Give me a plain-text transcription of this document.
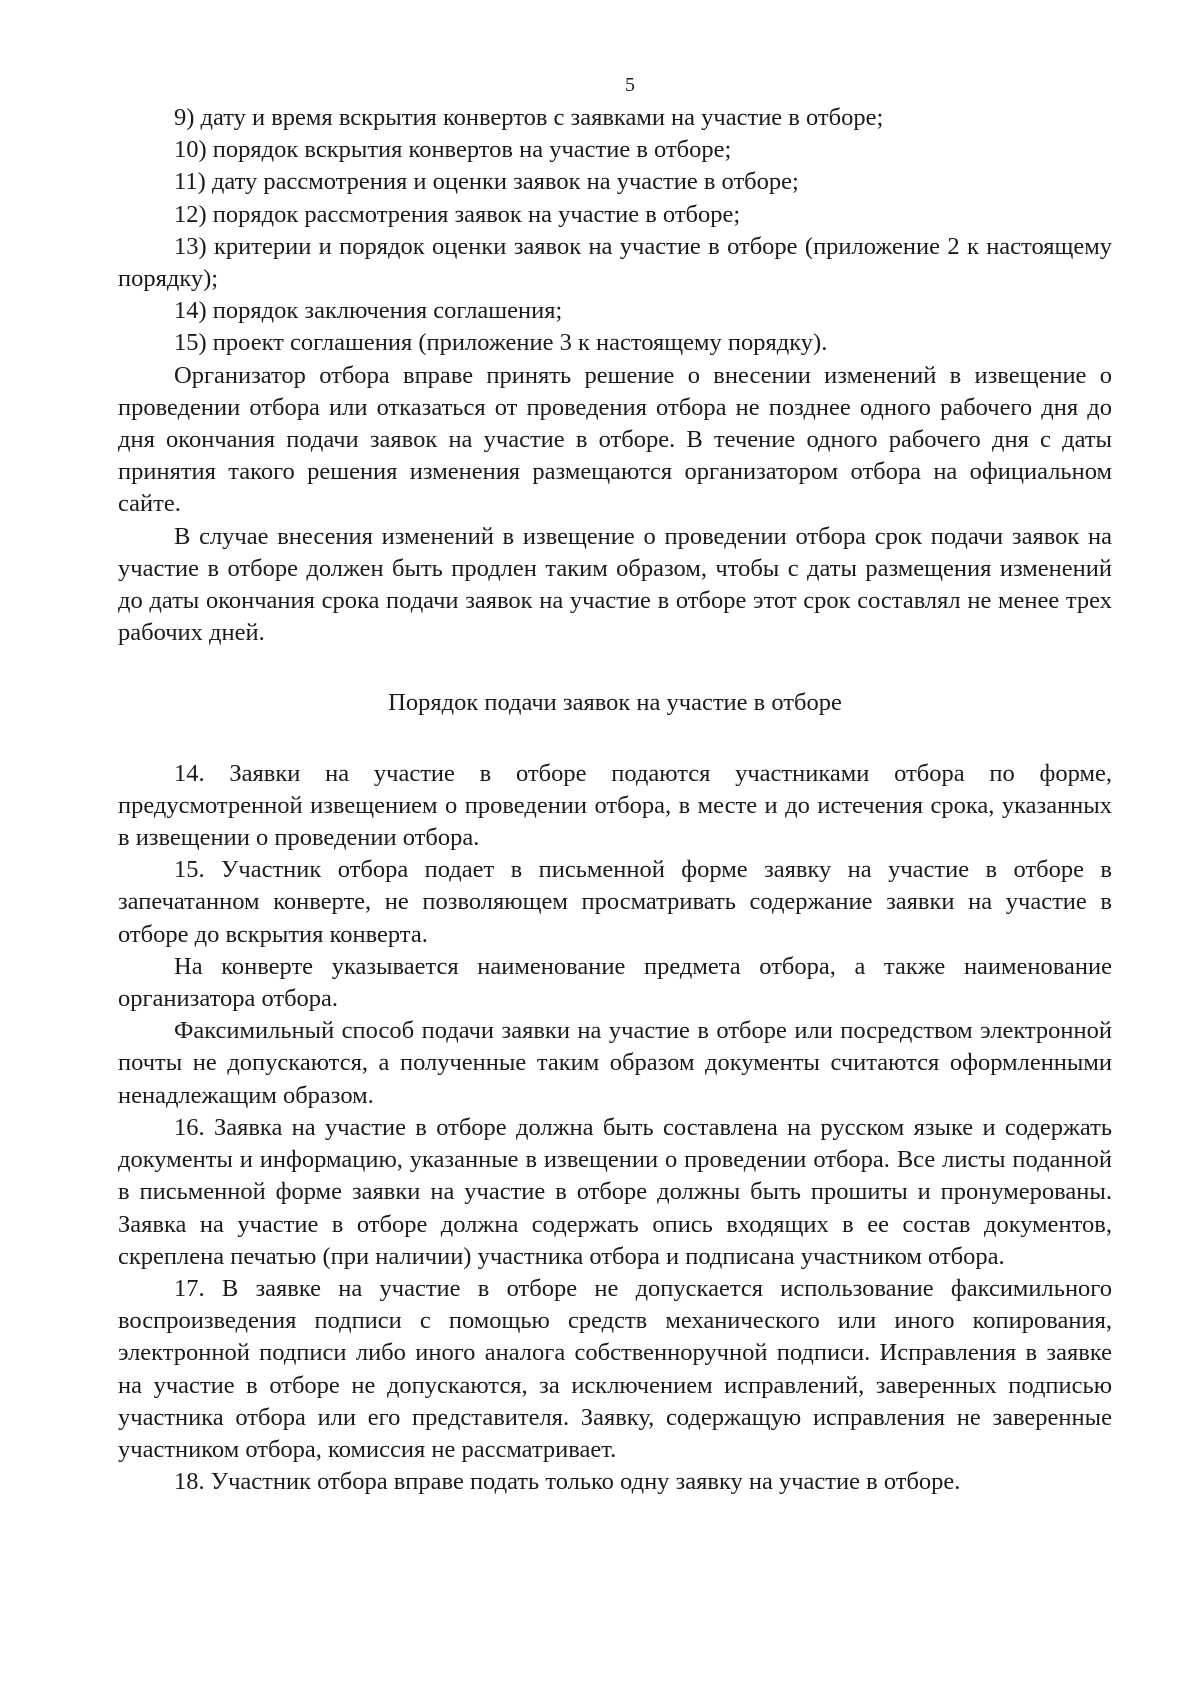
5

9) дату и время вскрытия конвертов с заявками на участие в отборе;

10) порядок вскрытия конвертов на участие в отборе;

11) дату рассмотрения и оценки заявок на участие в отборе;

12) порядок рассмотрения заявок на участие в отборе;

13) критерии и порядок оценки заявок на участие в отборе (приложение 2 к настоящему порядку);

14) порядок заключения соглашения;

15) проект соглашения (приложение 3 к настоящему порядку).

Организатор отбора вправе принять решение о внесении изменений в извещение о проведении отбора или отказаться от проведения отбора не позднее одного рабочего дня до дня окончания подачи заявок на участие в отборе. В течение одного рабочего дня с даты принятия такого решения изменения размещаются организатором отбора на официальном сайте.

В случае внесения изменений в извещение о проведении отбора срок подачи заявок на участие в отборе должен быть продлен таким образом, чтобы с даты размещения изменений до даты окончания срока подачи заявок на участие в отборе этот срок составлял не менее трех рабочих дней.

Порядок подачи заявок на участие в отборе

14. Заявки на участие в отборе подаются участниками отбора по форме, предусмотренной извещением о проведении отбора, в месте и до истечения срока, указанных в извещении о проведении отбора.

15. Участник отбора подает в письменной форме заявку на участие в отборе в запечатанном конверте, не позволяющем просматривать содержание заявки на участие в отборе до вскрытия конверта.

На конверте указывается наименование предмета отбора, а также наименование организатора отбора.

Факсимильный способ подачи заявки на участие в отборе или посредством электронной почты не допускаются, а полученные таким образом документы считаются оформленными ненадлежащим образом.

16. Заявка на участие в отборе должна быть составлена на русском языке и содержать документы и информацию, указанные в извещении о проведении отбора. Все листы поданной в письменной форме заявки на участие в отборе должны быть прошиты и пронумерованы. Заявка на участие в отборе должна содержать опись входящих в ее состав документов, скреплена печатью (при наличии) участника отбора и подписана участником отбора.

17. В заявке на участие в отборе не допускается использование факсимильного воспроизведения подписи с помощью средств механического или иного копирования, электронной подписи либо иного аналога собственноручной подписи. Исправления в заявке на участие в отборе не допускаются, за исключением исправлений, заверенных подписью участника отбора или его представителя. Заявку, содержащую исправления не заверенные участником отбора, комиссия не рассматривает.

18. Участник отбора вправе подать только одну заявку на участие в отборе.
